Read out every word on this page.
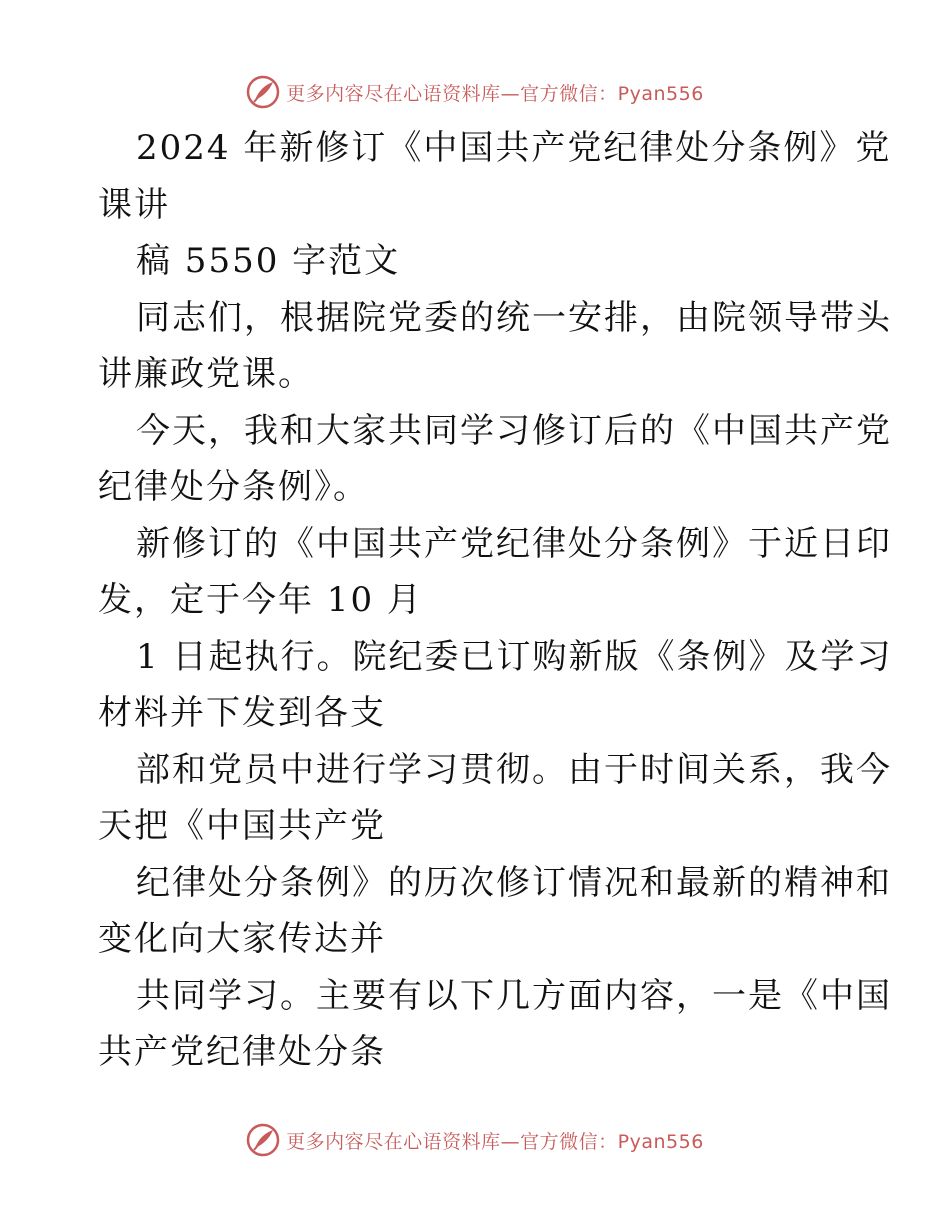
更多内容尽在心语资料库—官方微信：Pyan556
2024 年新修订《中国共产党纪律处分条例》党
课讲
稿 5550 字范文
同志们，根据院党委的统一安排，由院领导带头
讲廉政党课。
今天，我和大家共同学习修订后的《中国共产党
纪律处分条例》。
新修订的《中国共产党纪律处分条例》于近日印
发，定于今年 10 月
1 日起执行。院纪委已订购新版《条例》及学习
材料并下发到各支
部和党员中进行学习贯彻。由于时间关系，我今
天把《中国共产党
纪律处分条例》的历次修订情况和最新的精神和
变化向大家传达并
共同学习。主要有以下几方面内容，一是《中国
共产党纪律处分条
更多内容尽在心语资料库—官方微信：Pyan556
